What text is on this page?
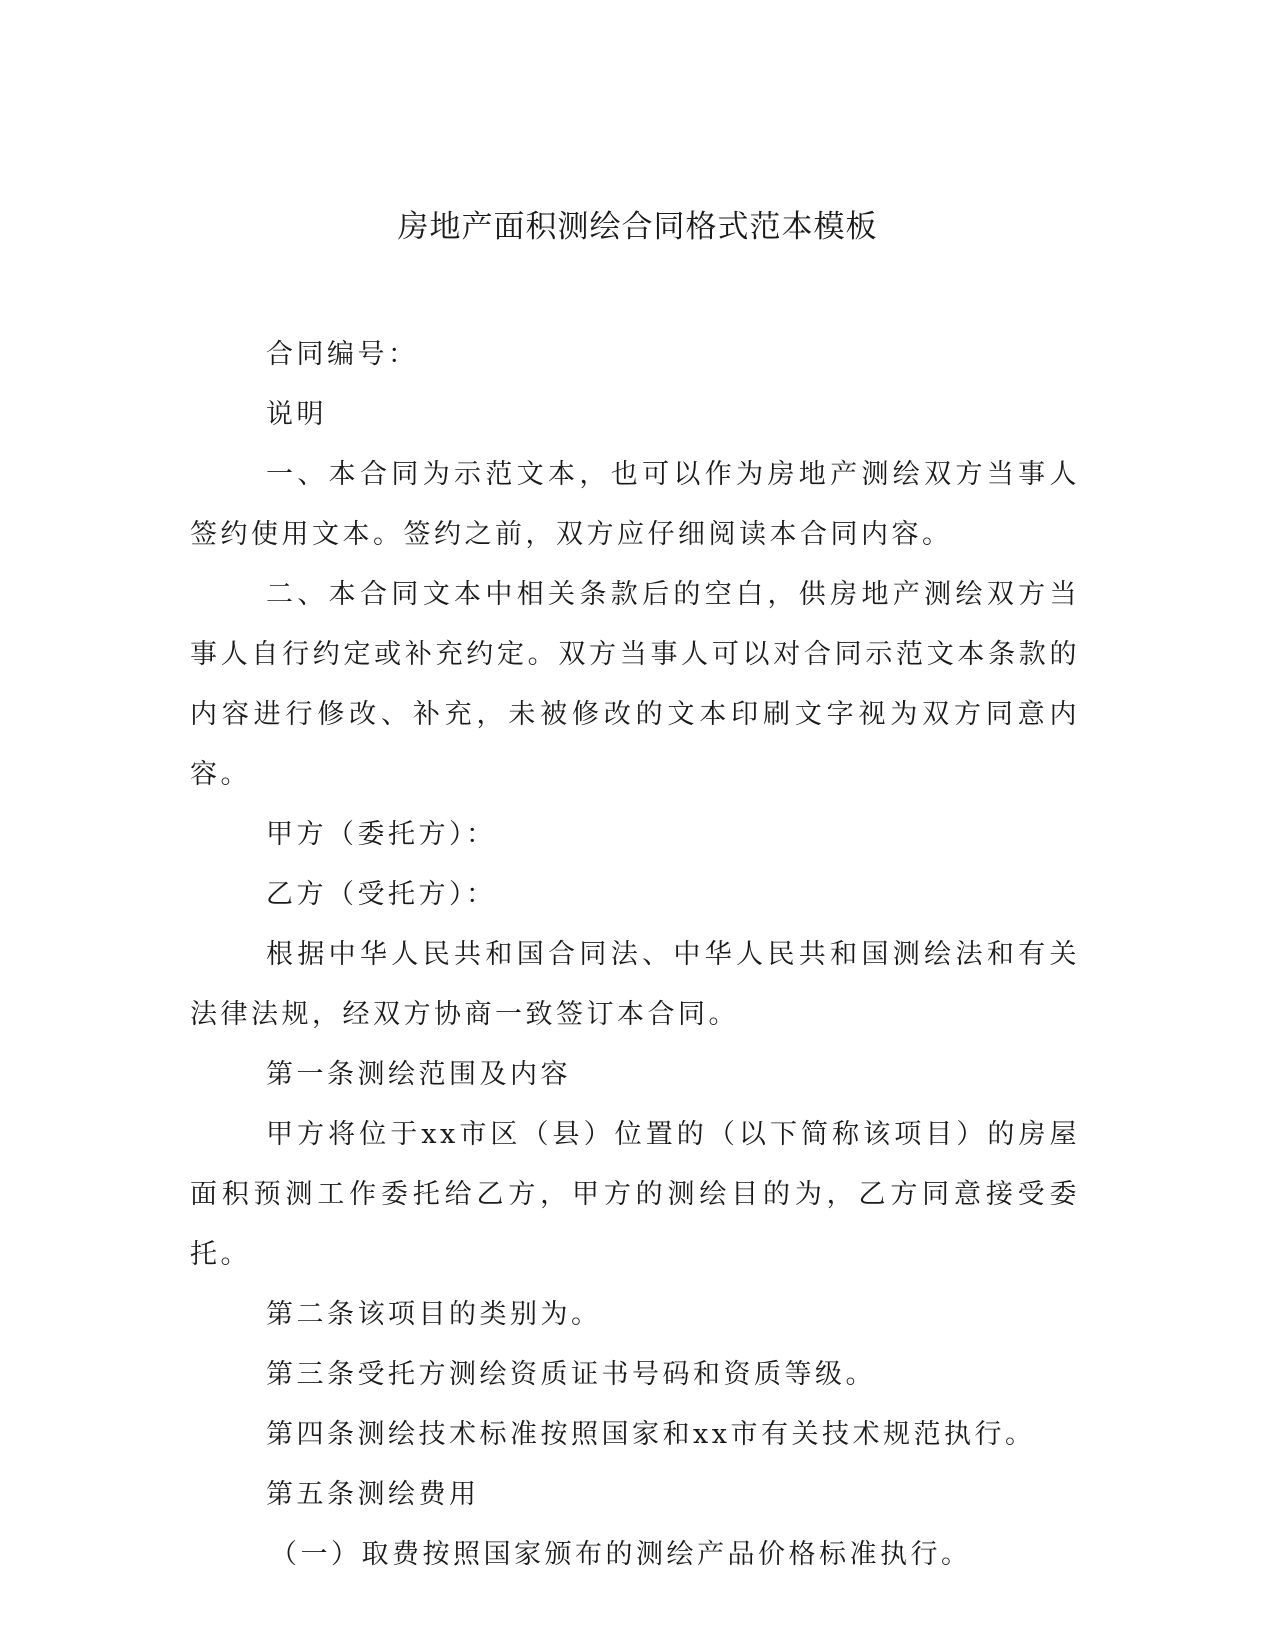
房地产面积测绘合同格式范本模板

合同编号：

说明

一、本合同为示范文本，也可以作为房地产测绘双方当事人签约使用文本。签约之前，双方应仔细阅读本合同内容。

二、本合同文本中相关条款后的空白，供房地产测绘双方当事人自行约定或补充约定。双方当事人可以对合同示范文本条款的内容进行修改、补充，未被修改的文本印刷文字视为双方同意内容。

甲方（委托方）：

乙方（受托方）：

根据中华人民共和国合同法、中华人民共和国测绘法和有关法律法规，经双方协商一致签订本合同。

第一条测绘范围及内容

甲方将位于xx市区（县）位置的（以下简称该项目）的房屋面积预测工作委托给乙方，甲方的测绘目的为，乙方同意接受委托。

第二条该项目的类别为。

第三条受托方测绘资质证书号码和资质等级。

第四条测绘技术标准按照国家和xx市有关技术规范执行。

第五条测绘费用

（一）取费按照国家颁布的测绘产品价格标准执行。
